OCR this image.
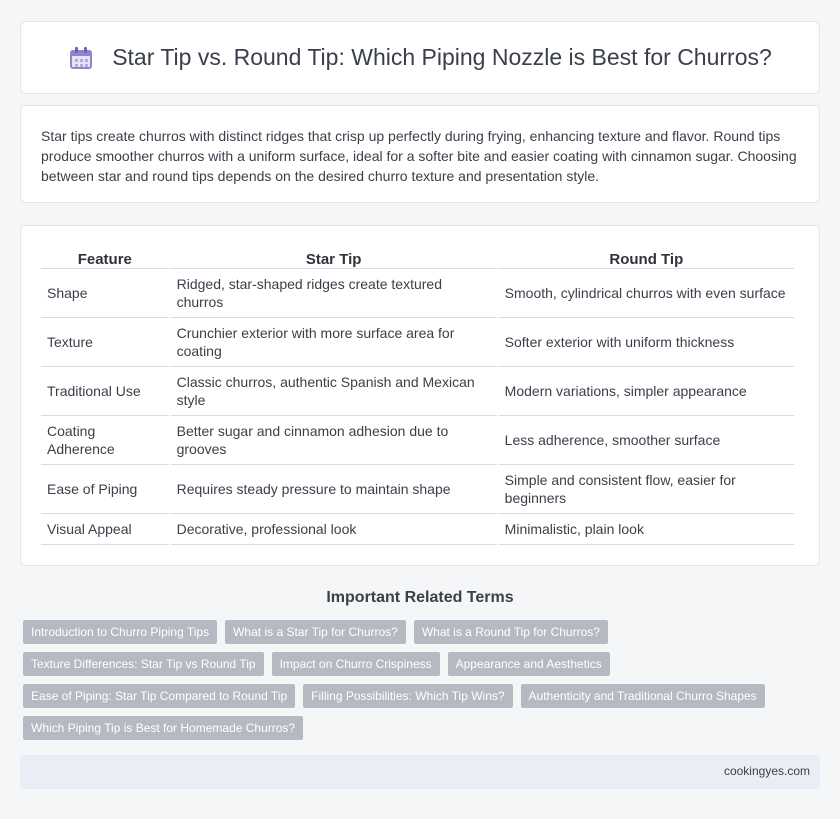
Star Tip vs. Round Tip: Which Piping Nozzle is Best for Churros?

Star tips create churros with distinct ridges that crisp up perfectly during frying, enhancing texture and flavor. Round tips produce smoother churros with a uniform surface, ideal for a softer bite and easier coating with cinnamon sugar. Choosing between star and round tips depends on the desired churro texture and presentation style.

Feature	Star Tip	Round Tip
Shape	Ridged, star-shaped ridges create textured churros	Smooth, cylindrical churros with even surface
Texture	Crunchier exterior with more surface area for coating	Softer exterior with uniform thickness
Traditional Use	Classic churros, authentic Spanish and Mexican style	Modern variations, simpler appearance
Coating Adherence	Better sugar and cinnamon adhesion due to grooves	Less adherence, smoother surface
Ease of Piping	Requires steady pressure to maintain shape	Simple and consistent flow, easier for beginners
Visual Appeal	Decorative, professional look	Minimalistic, plain look
Important Related Terms
Introduction to Churro Piping Tips	What is a Star Tip for Churros?	What is a Round Tip for Churros?
Texture Differences: Star Tip vs Round Tip	Impact on Churro Crispiness	Appearance and Aesthetics
Ease of Piping: Star Tip Compared to Round Tip	Filling Possibilities: Which Tip Wins?	Authenticity and Traditional Churro Shapes
Which Piping Tip is Best for Homemade Churros?
cookingyes.com
